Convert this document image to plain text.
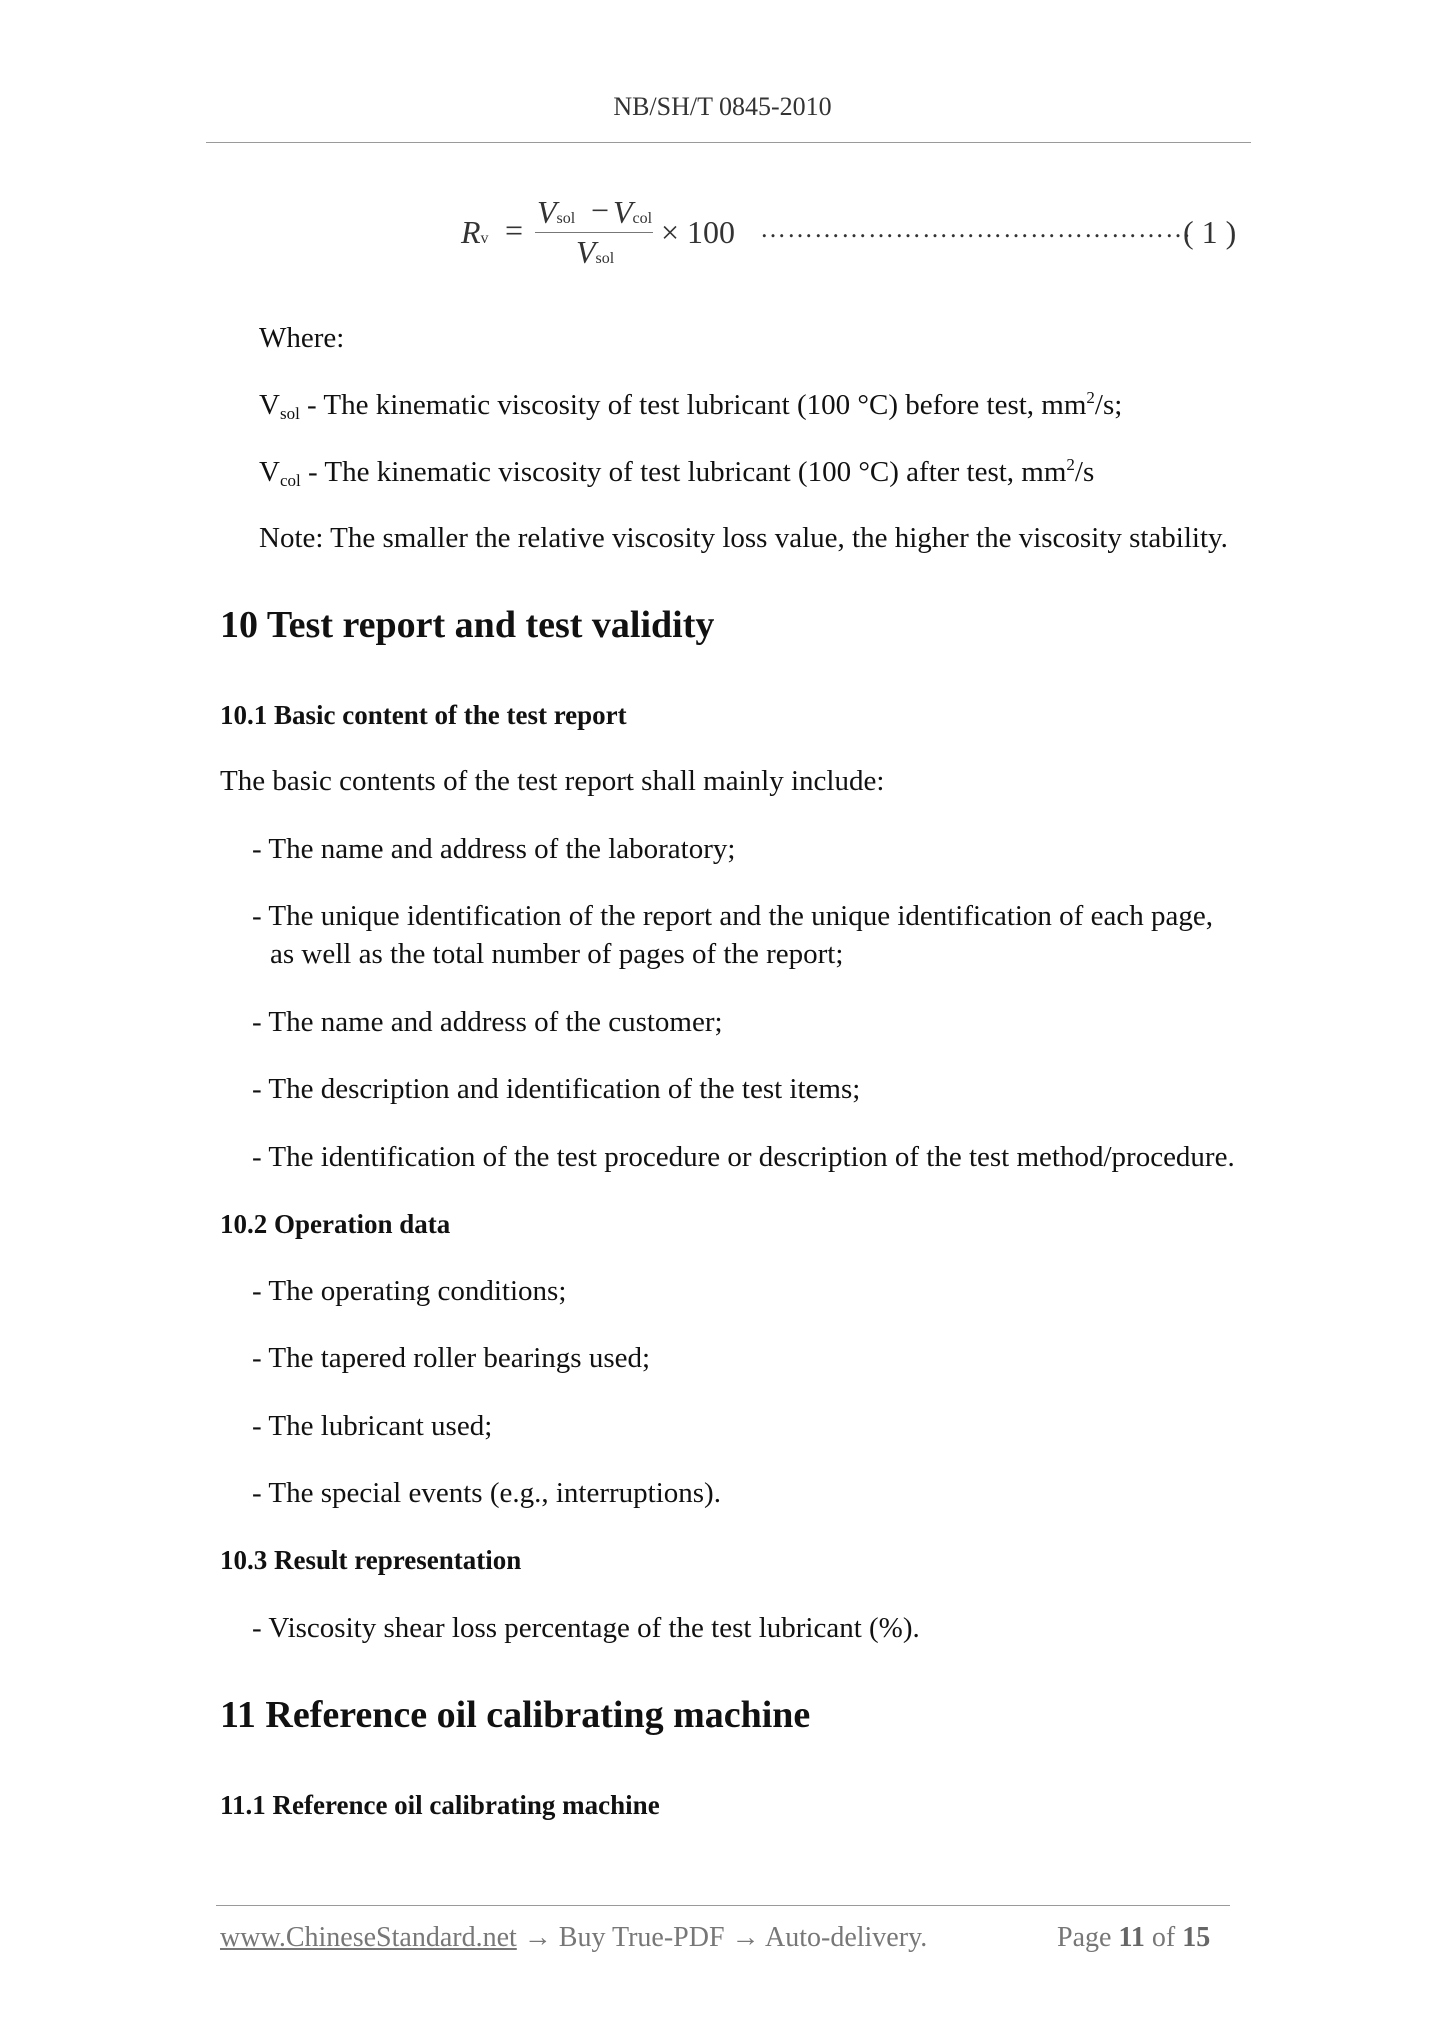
NB/SH/T 0845-2010
Rv = Vsol − Vcol
Vsol
× 100 …………………………………………
( 1 )
Where:
$V_{sol}$ - The kinematic viscosity of test lubricant (100 °C) before test, $mm^2/s$;
$V_{col}$ - The kinematic viscosity of test lubricant (100 °C) after test, $mm^2/s$
Note: The smaller the relative viscosity loss value, the higher the viscosity stability.
10 Test report and test validity
10.1 Basic content of the test report
The basic contents of the test report shall mainly include:
- The name and address of the laboratory;
- The unique identification of the report and the unique identification of each page,
as well as the total number of pages of the report;
- The name and address of the customer;
- The description and identification of the test items;
- The identification of the test procedure or description of the test method/procedure.
10.2 Operation data
- The operating conditions;
- The tapered roller bearings used;
- The lubricant used;
- The special events (e.g., interruptions).
10.3 Result representation
- Viscosity shear loss percentage of the test lubricant (%).
11 Reference oil calibrating machine
11.1 Reference oil calibrating machine
www.ChineseStandard.net → Buy True-PDF → Auto-delivery.	Page 11 of 15
